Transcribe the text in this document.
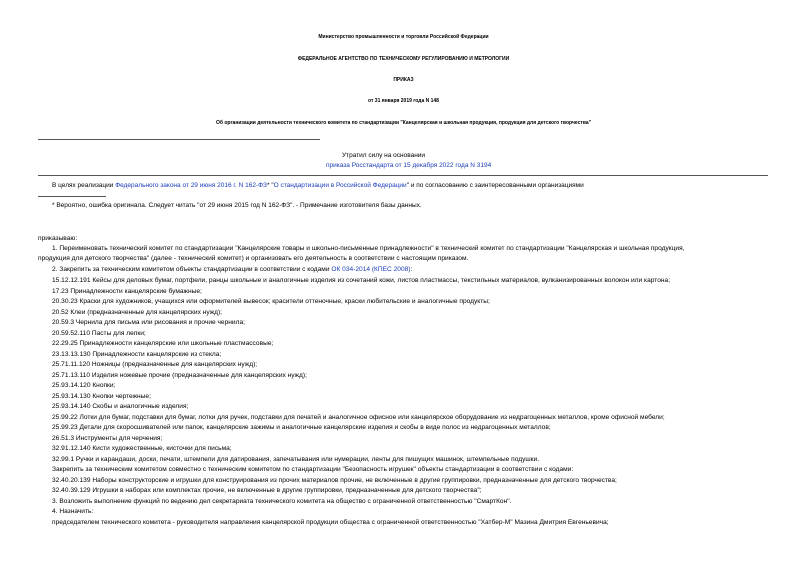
Министерство промышленности и торговли Российской Федерации
ФЕДЕРАЛЬНОЕ АГЕНТСТВО ПО ТЕХНИЧЕСКОМУ РЕГУЛИРОВАНИЮ И МЕТРОЛОГИИ
ПРИКАЗ
от 31 января 2019 года N 148
Об организации деятельности технического комитета по стандартизации "Канцелярская и школьная продукция, продукция для детского творчества"
Утратил силу на основании
приказа Росстандарта от 15 декабря 2022 года N 3194
В целях реализации Федерального закона от 29 июня 2016 г. N 162-ФЗ* "О стандартизации в Российской Федерации" и по согласованию с заинтересованными организациями
* Вероятно, ошибка оригинала. Следует читать "от 29 июня 2015 год N 162-ФЗ". - Примечание изготовителя базы данных.
приказываю:
1. Переименовать технический комитет по стандартизации "Канцелярские товары и школьно-письменные принадлежности" в технический комитет по стандартизации "Канцелярская и школьная продукция,
продукция для детского творчества" (далее - технический комитет) и организовать его деятельность в соответствии с настоящим приказом.
2. Закрепить за техническим комитетом объекты стандартизации в соответствии с кодами ОК 034-2014 (КПЕС 2008):
15.12.12.191 Кейсы для деловых бумаг, портфели, ранцы школьные и аналогичные изделия из сочетаний кожи, листов пластмассы, текстильных материалов, вулканизированных волокон или картона;
17.23 Принадлежности канцелярские бумажные;
20.30.23 Краски для художников, учащихся или оформителей вывесок; красители оттеночные, краски любительские и аналогичные продукты;
20.52 Клеи (предназначенные для канцелярских нужд);
20.59.3 Чернила для письма или рисования и прочие чернила;
20.59.52.110 Пасты для лепки;
22.29.25 Принадлежности канцелярские или школьные пластмассовые;
23.13.13.130 Принадлежности канцелярские из стекла;
25.71.11.120 Ножницы (предназначенные для канцелярских нужд);
25.71.13.110 Изделия ножевые прочие (предназначенные для канцелярских нужд);
25.93.14.120 Кнопки;
25.93.14.130 Кнопки чертежные;
25.93.14.140 Скобы и аналогичные изделия;
25.99.22 Лотки для бумаг, подставки для бумаг, лотки для ручек, подставки для печатей и аналогичное офисное или канцелярское оборудование из недрагоценных металлов, кроме офисной мебели;
25.99.23 Детали для скоросшивателей или папок, канцелярские зажимы и аналогичные канцелярские изделия и скобы в виде полос из недрагоценных металлов;
26.51.3 Инструменты для черчения;
32.91.12.140 Кисти художественные, кисточки для письма;
32.99.1 Ручки и карандаши, доски, печати, штемпели для датирования, запечатывания или нумерации, ленты для пишущих машинок, штемпельные подушки.
Закрепить за техническим комитетом совместно с техническим комитетом по стандартизации "Безопасность игрушек" объекты стандартизации в соответствии с кодами:
32.40.20.139 Наборы конструкторские и игрушки для конструирования из прочих материалов прочие, не включенные в другие группировки, предназначенные для детского творчества;
32.40.39.129 Игрушки в наборах или комплектах прочие, не включенные в другие группировки, предназначенные для детского творчества";
3. Возложить выполнение функций по ведению дел секретариата технического комитета на общество с ограниченной ответственностью "СмартКон".
4. Назначить:
председателем технического комитета - руководителя направления канцелярской продукции общества с ограниченной ответственностью "Хатбер-М" Мазина Дмитрия Евгеньевича;
